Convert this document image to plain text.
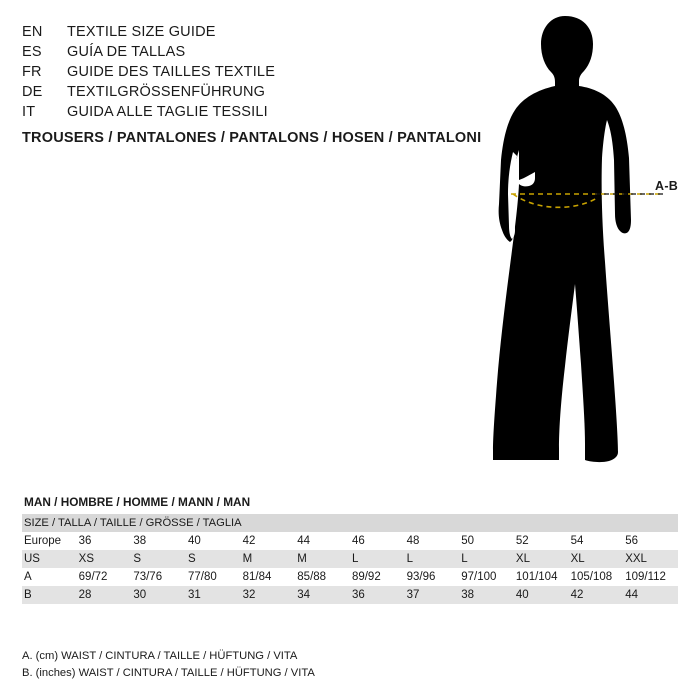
EN	TEXTILE SIZE GUIDE
ES	GUÍA DE TALLAS
FR	GUIDE DES TAILLES TEXTILE
DE	TEXTILGRÖSSENFÜHRUNG
IT	GUIDA ALLE TAGLIE TESSILI
TROUSERS / PANTALONES / PANTALONS / HOSEN / PANTALONI
A-B
MAN / HOMBRE / HOMME / MANN / MAN											
SIZE / TALLA / TAILLE / GRÖSSE / TAGLIA											
Europe	36	38	40	42	44	46	48	50	52	54	56
US	XS	S	S	M	M	L	L	L	XL	XL	XXL
A	69/72	73/76	77/80	81/84	85/88	89/92	93/96	97/100	101/104	105/108	109/112
B	28	30	31	32	34	36	37	38	40	42	44
A. (cm) WAIST / CINTURA / TAILLE / HÜFTUNG / VITA
B. (inches) WAIST / CINTURA / TAILLE / HÜFTUNG / VITA
